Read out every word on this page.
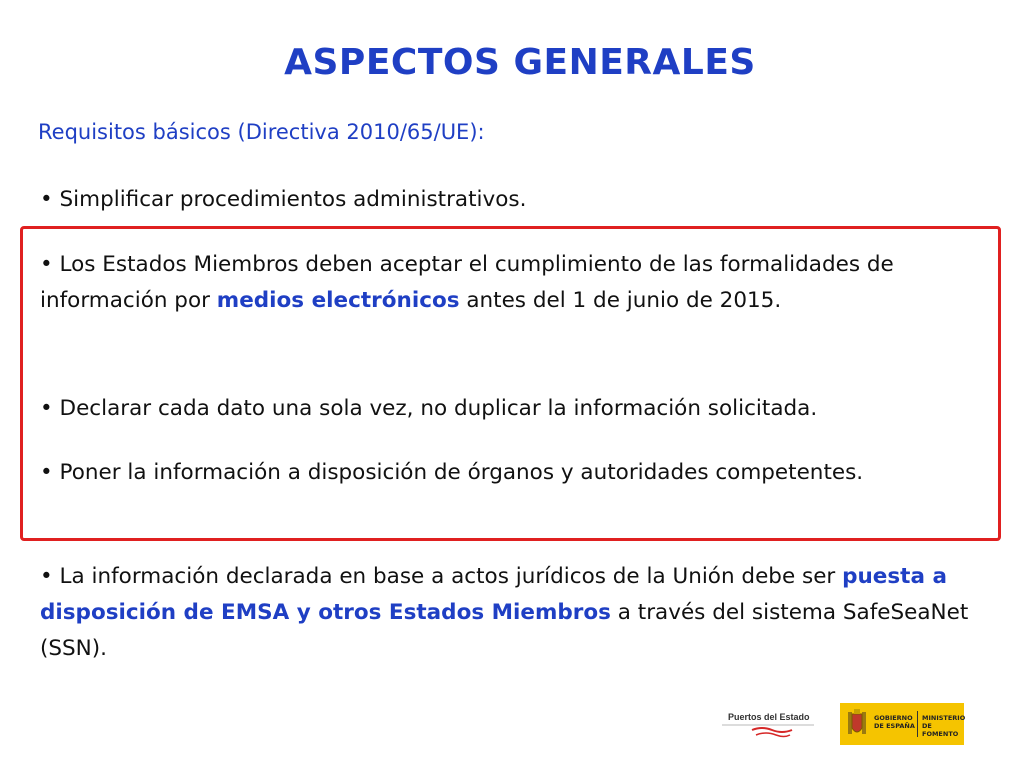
ASPECTOS GENERALES
Requisitos básicos (Directiva 2010/65/UE):
• Simplificar procedimientos administrativos.
• Los Estados Miembros deben aceptar el cumplimiento de las formalidades de información por medios electrónicos antes del 1 de junio de 2015.
• Declarar cada dato una sola vez, no duplicar la información solicitada.
• Poner la información a disposición de órganos y autoridades competentes.
• La información declarada en base a actos jurídicos de la Unión debe ser puesta a disposición de EMSA y otros Estados Miembros a través del sistema SafeSeaNet (SSN).
Puertos del Estado	GOBIERNO
DE ESPAÑA
MINISTERIO
DE FOMENTO
